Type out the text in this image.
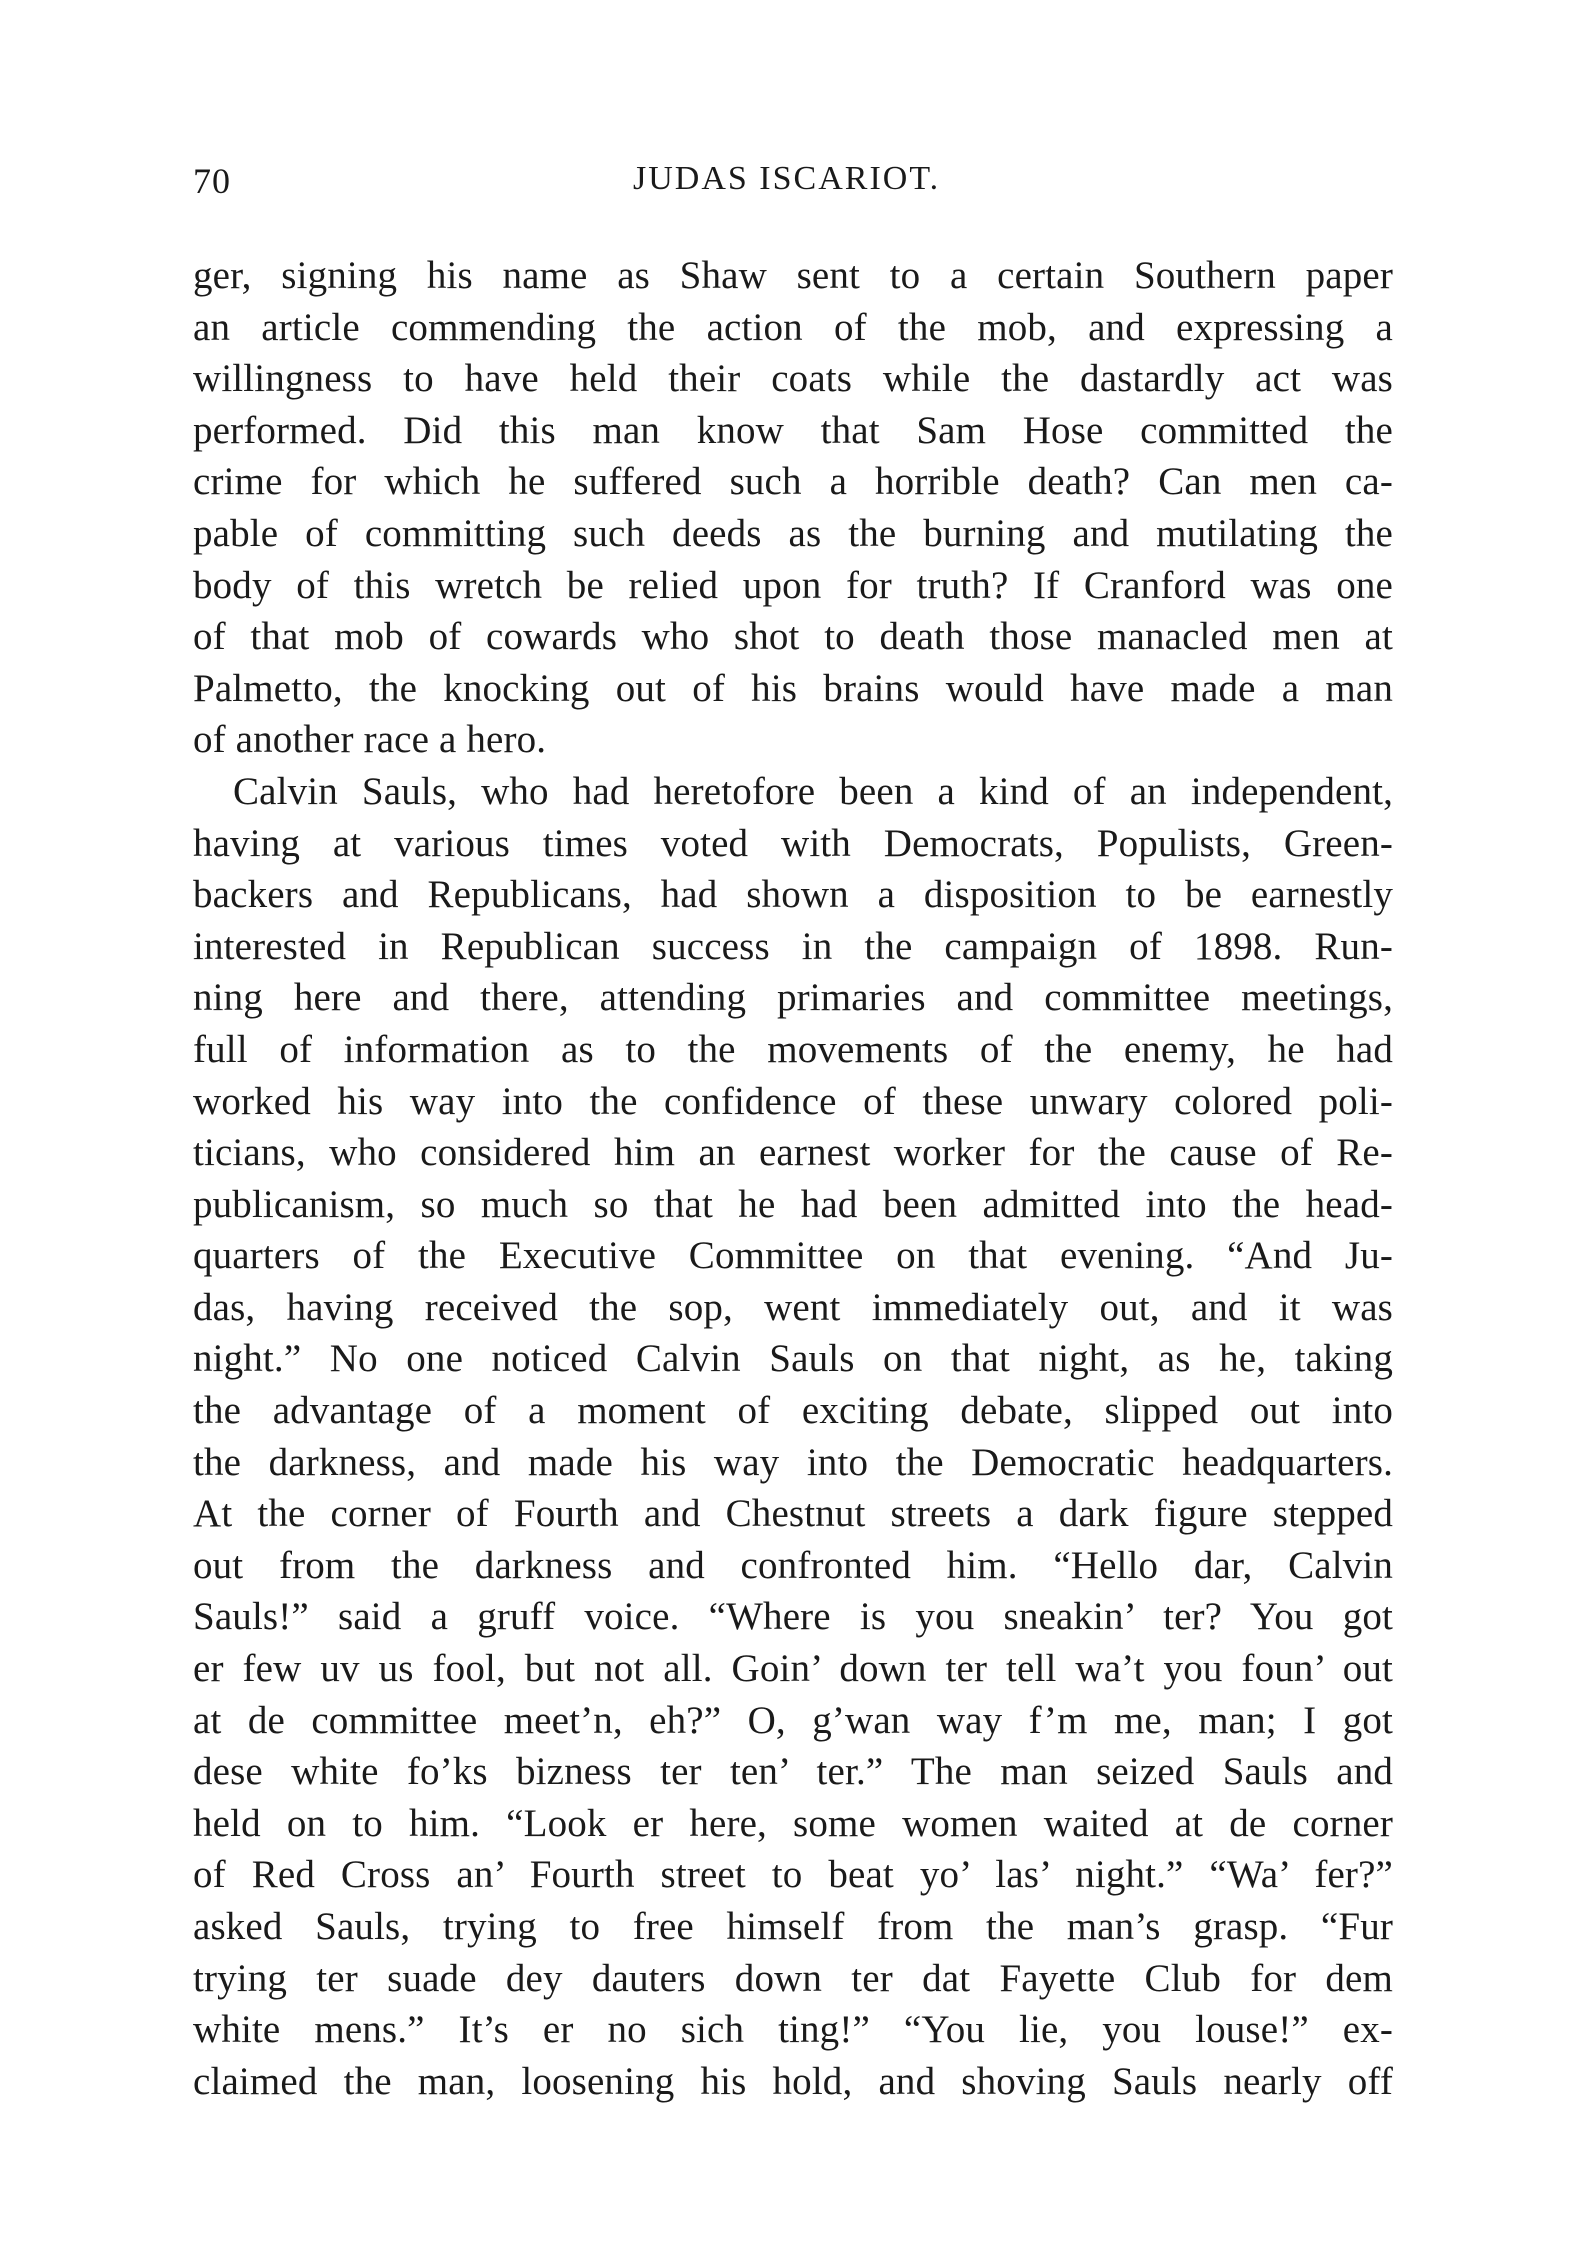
70	JUDAS ISCARIOT.
ger, signing his name as Shaw sent to a certain Southern paper
an article commending the action of the mob, and expressing a
willingness to have held their coats while the dastardly act was
performed. Did this man know that Sam Hose committed the
crime for which he suffered such a horrible death? Can men ca-
pable of committing such deeds as the burning and mutilating the
body of this wretch be relied upon for truth? If Cranford was one
of that mob of cowards who shot to death those manacled men at
Palmetto, the knocking out of his brains would have made a man
of another race a hero.
Calvin Sauls, who had heretofore been a kind of an independent,
having at various times voted with Democrats, Populists, Green-
backers and Republicans, had shown a disposition to be earnestly
interested in Republican success in the campaign of 1898. Run-
ning here and there, attending primaries and committee meetings,
full of information as to the movements of the enemy, he had
worked his way into the confidence of these unwary colored poli-
ticians, who considered him an earnest worker for the cause of Re-
publicanism, so much so that he had been admitted into the head-
quarters of the Executive Committee on that evening. “And Ju-
das, having received the sop, went immediately out, and it was
night.” No one noticed Calvin Sauls on that night, as he, taking
the advantage of a moment of exciting debate, slipped out into
the darkness, and made his way into the Democratic headquarters.
At the corner of Fourth and Chestnut streets a dark figure stepped
out from the darkness and confronted him. “Hello dar, Calvin
Sauls!” said a gruff voice. “Where is you sneakin’ ter? You got
er few uv us fool, but not all. Goin’ down ter tell wa’t you foun’ out
at de committee meet’n, eh?” O, g’wan way f’m me, man; I got
dese white fo’ks bizness ter ten’ ter.” The man seized Sauls and
held on to him. “Look er here, some women waited at de corner
of Red Cross an’ Fourth street to beat yo’ las’ night.” “Wa’ fer?”
asked Sauls, trying to free himself from the man’s grasp. “Fur
trying ter suade dey dauters down ter dat Fayette Club for dem
white mens.” It’s er no sich ting!” “You lie, you louse!” ex-
claimed the man, loosening his hold, and shoving Sauls nearly off
